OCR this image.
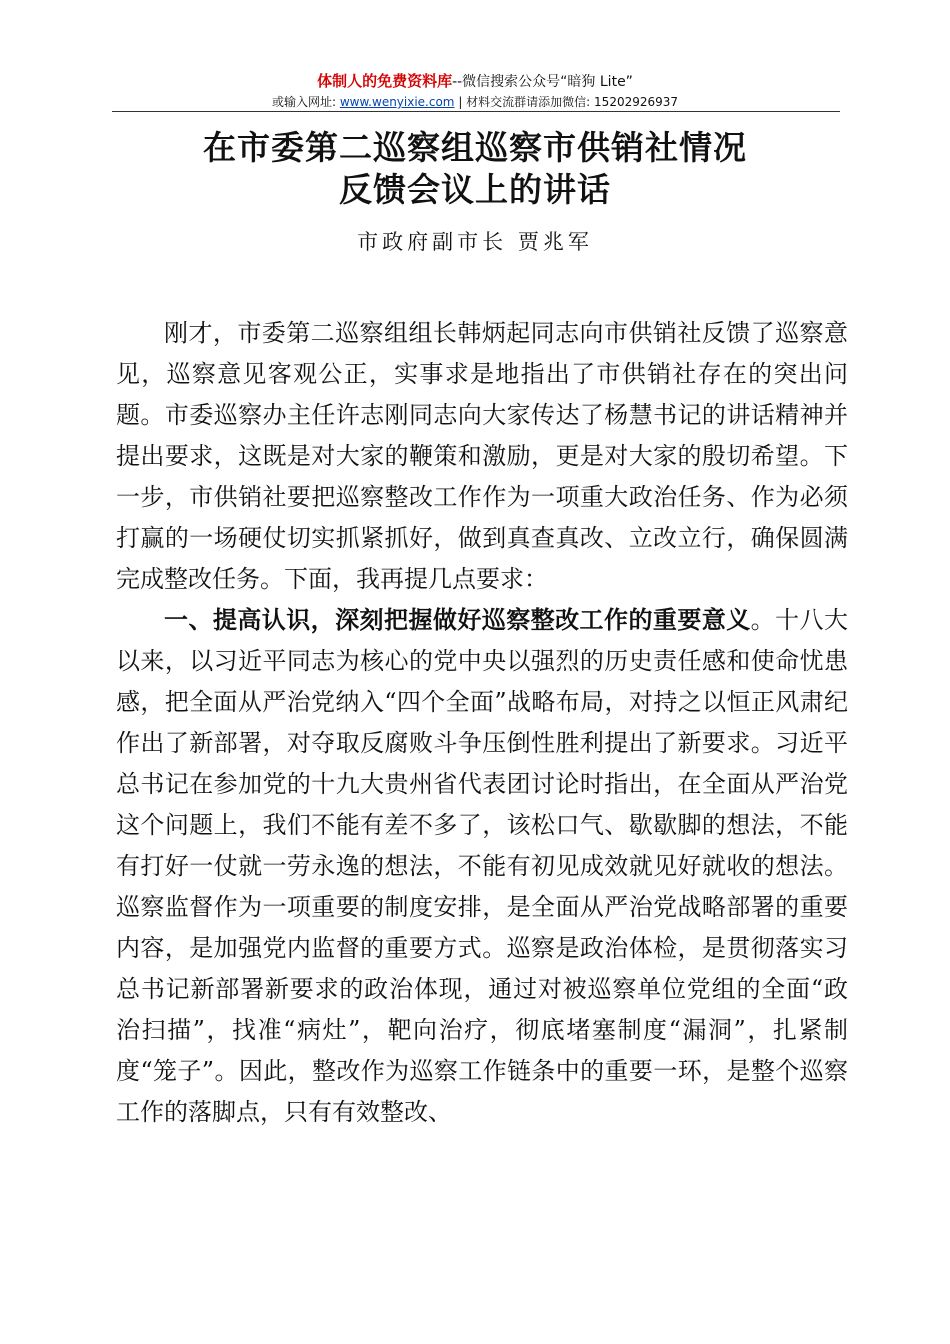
体制人的免费资料库--微信搜索公众号“暗狗 Lite”
或输入网址: www.wenyixie.com | 材料交流群请添加微信: 15202926937
在市委第二巡察组巡察市供销社情况
反馈会议上的讲话
市政府副市长 贾兆军

刚才，市委第二巡察组组长韩炳起同志向市供销社反馈了巡察意见，巡察意见客观公正，实事求是地指出了市供销社存在的突出问题。市委巡察办主任许志刚同志向大家传达了杨慧书记的讲话精神并提出要求，这既是对大家的鞭策和激励，更是对大家的殷切希望。下一步，市供销社要把巡察整改工作作为一项重大政治任务、作为必须打赢的一场硬仗切实抓紧抓好，做到真查真改、立改立行，确保圆满完成整改任务。下面，我再提几点要求：

一、提高认识，深刻把握做好巡察整改工作的重要意义。十八大以来，以习近平同志为核心的党中央以强烈的历史责任感和使命忧患感，把全面从严治党纳入“四个全面”战略布局，对持之以恒正风肃纪作出了新部署，对夺取反腐败斗争压倒性胜利提出了新要求。习近平总书记在参加党的十九大贵州省代表团讨论时指出，在全面从严治党这个问题上，我们不能有差不多了，该松口气、歇歇脚的想法，不能有打好一仗就一劳永逸的想法，不能有初见成效就见好就收的想法。巡察监督作为一项重要的制度安排，是全面从严治党战略部署的重要内容，是加强党内监督的重要方式。巡察是政治体检，是贯彻落实习总书记新部署新要求的政治体现，通过对被巡察单位党组的全面“政治扫描”，找准“病灶”，靶向治疗，彻底堵塞制度“漏洞”，扎紧制度“笼子”。因此，整改作为巡察工作链条中的重要一环，是整个巡察工作的落脚点，只有有效整改、
